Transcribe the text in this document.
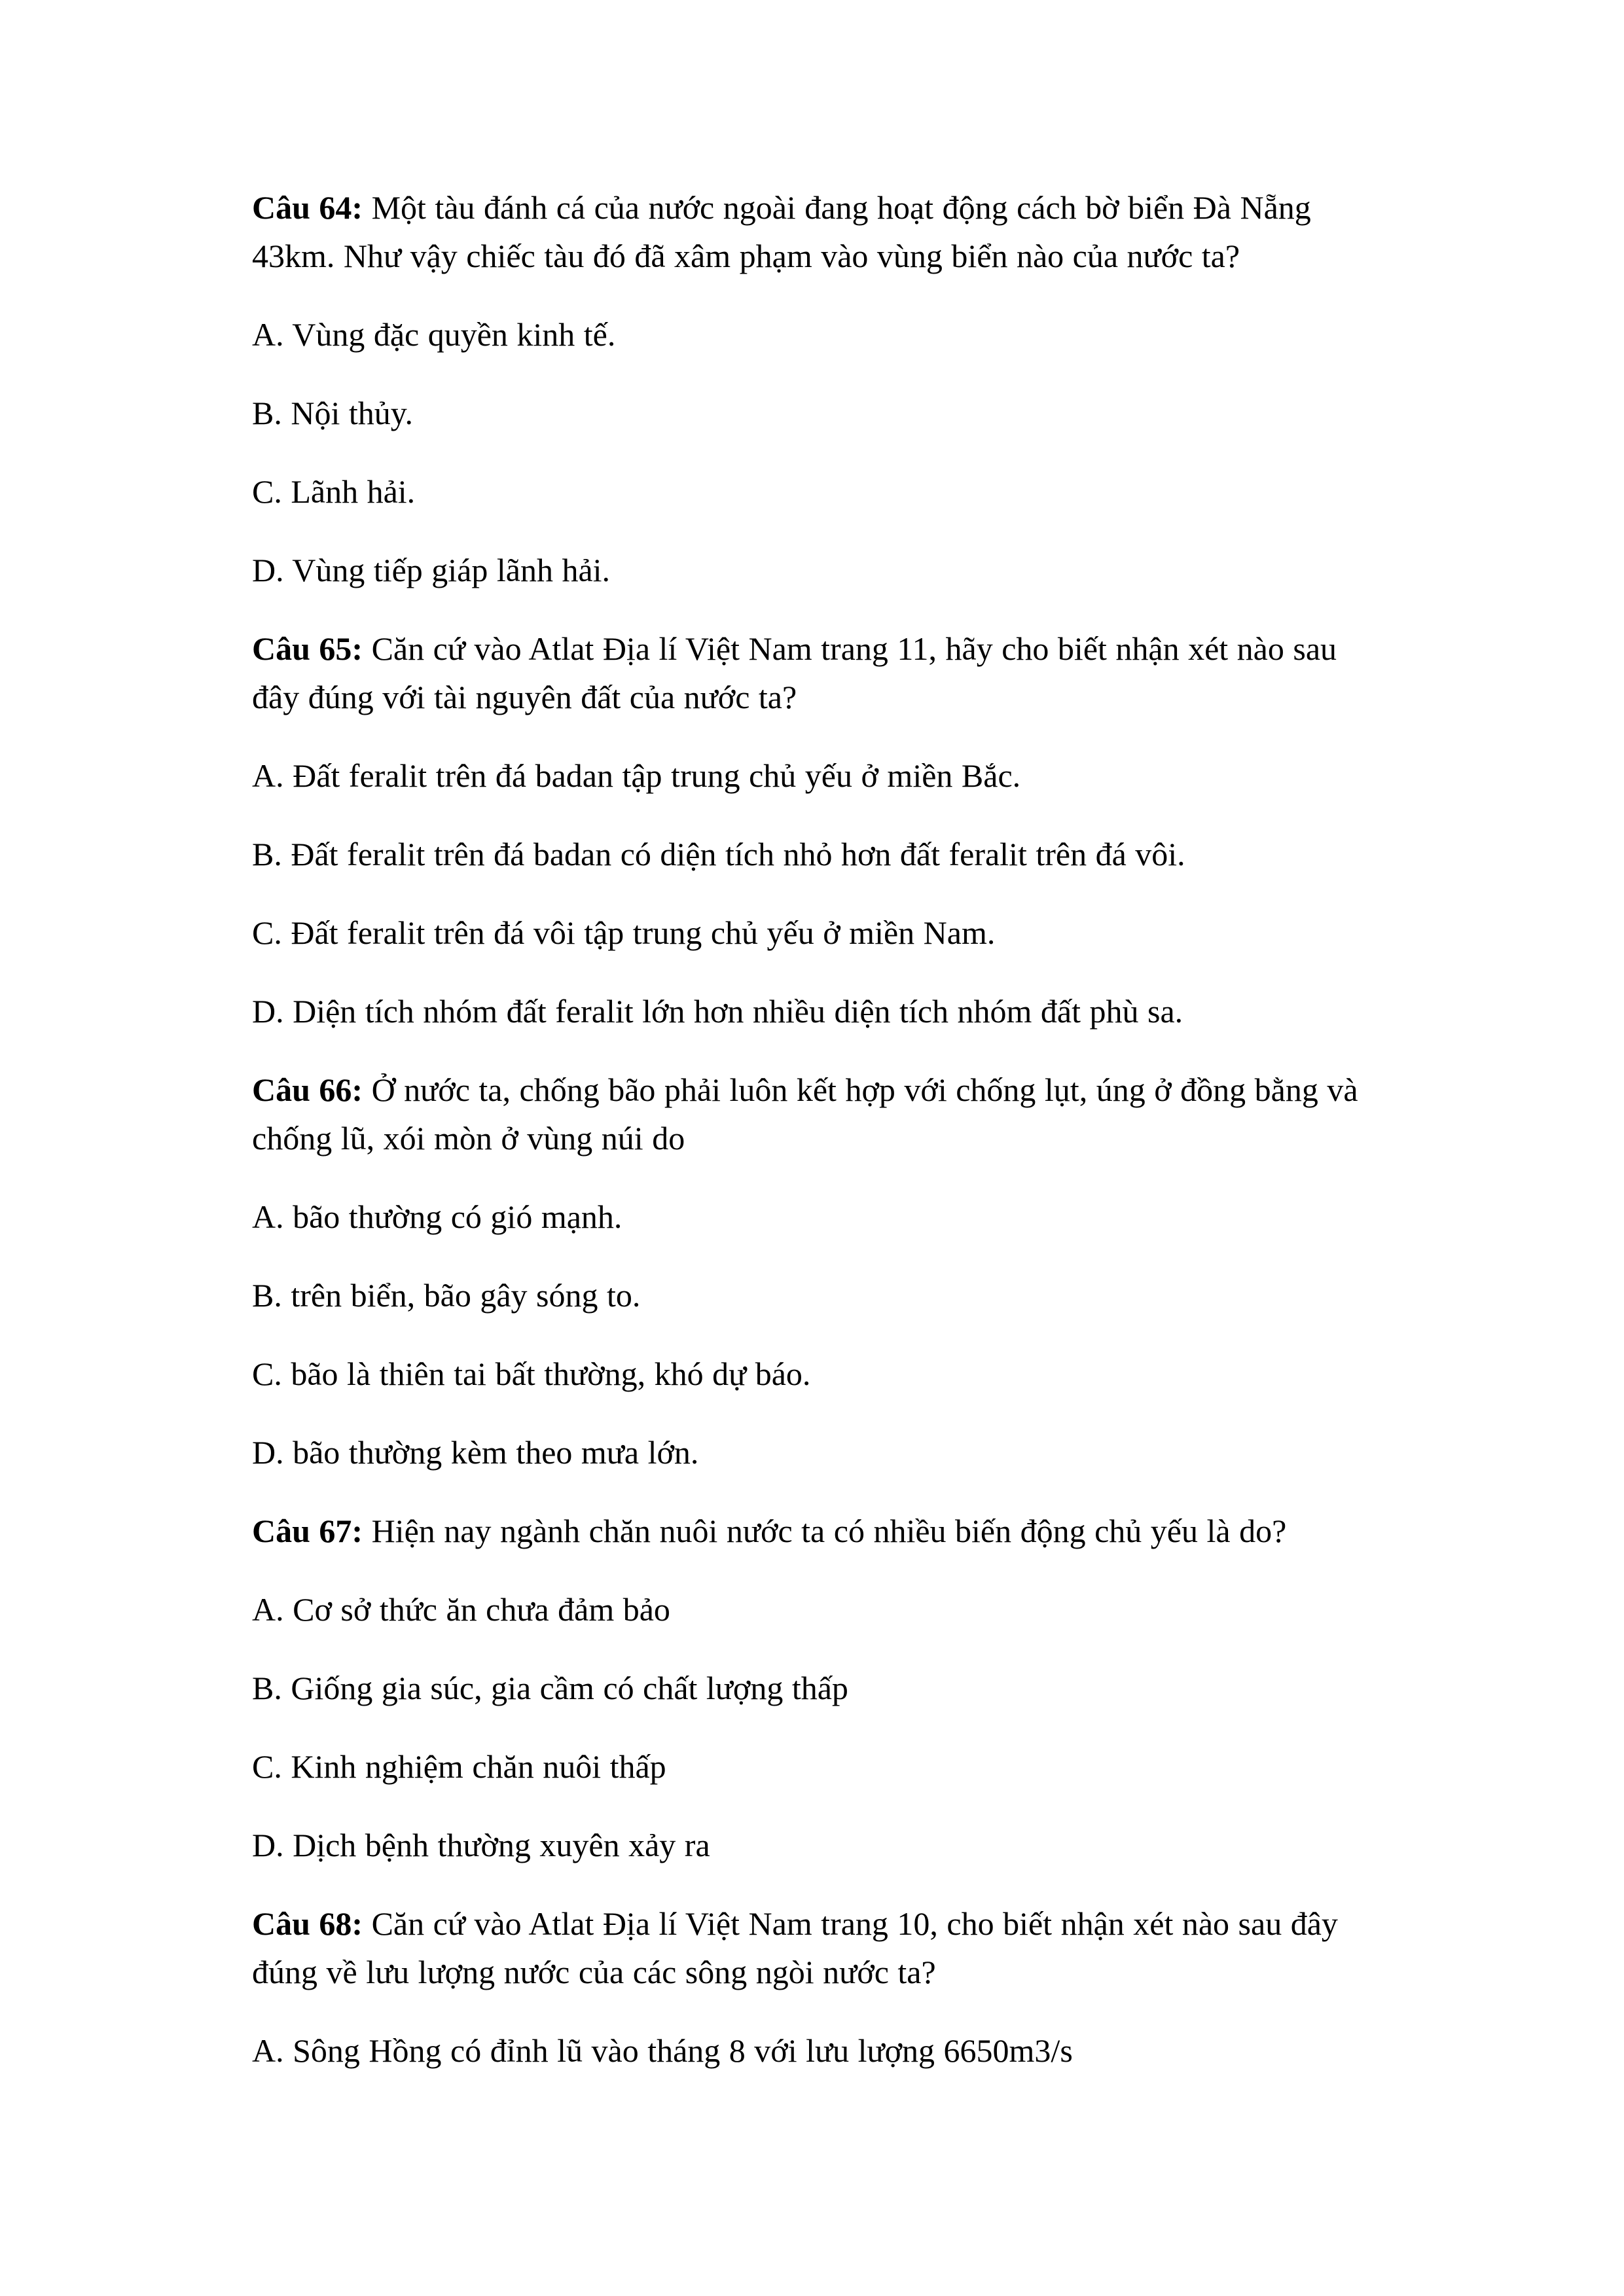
Câu 64: Một tàu đánh cá của nước ngoài đang hoạt động cách bờ biển Đà Nẵng 43km. Như vậy chiếc tàu đó đã xâm phạm vào vùng biển nào của nước ta?

A. Vùng đặc quyền kinh tế.

B. Nội thủy.

C. Lãnh hải.

D. Vùng tiếp giáp lãnh hải.

Câu 65: Căn cứ vào Atlat Địa lí Việt Nam trang 11, hãy cho biết nhận xét nào sau đây đúng với tài nguyên đất của nước ta?

A. Đất feralit trên đá badan tập trung chủ yếu ở miền Bắc.

B. Đất feralit trên đá badan có diện tích nhỏ hơn đất feralit trên đá vôi.

C. Đất feralit trên đá vôi tập trung chủ yếu ở miền Nam.

D. Diện tích nhóm đất feralit lớn hơn nhiều diện tích nhóm đất phù sa.

Câu 66: Ở nước ta, chống bão phải luôn kết hợp với chống lụt, úng ở đồng bằng và chống lũ, xói mòn ở vùng núi do

A. bão thường có gió mạnh.

B. trên biển, bão gây sóng to.

C. bão là thiên tai bất thường, khó dự báo.

D. bão thường kèm theo mưa lớn.

Câu 67: Hiện nay ngành chăn nuôi nước ta có nhiều biến động chủ yếu là do?

A. Cơ sở thức ăn chưa đảm bảo

B. Giống gia súc, gia cầm có chất lượng thấp

C. Kinh nghiệm chăn nuôi thấp

D. Dịch bệnh thường xuyên xảy ra

Câu 68: Căn cứ vào Atlat Địa lí Việt Nam trang 10, cho biết nhận xét nào sau đây đúng về lưu lượng nước của các sông ngòi nước ta?

A. Sông Hồng có đỉnh lũ vào tháng 8 với lưu lượng 6650m3/s
